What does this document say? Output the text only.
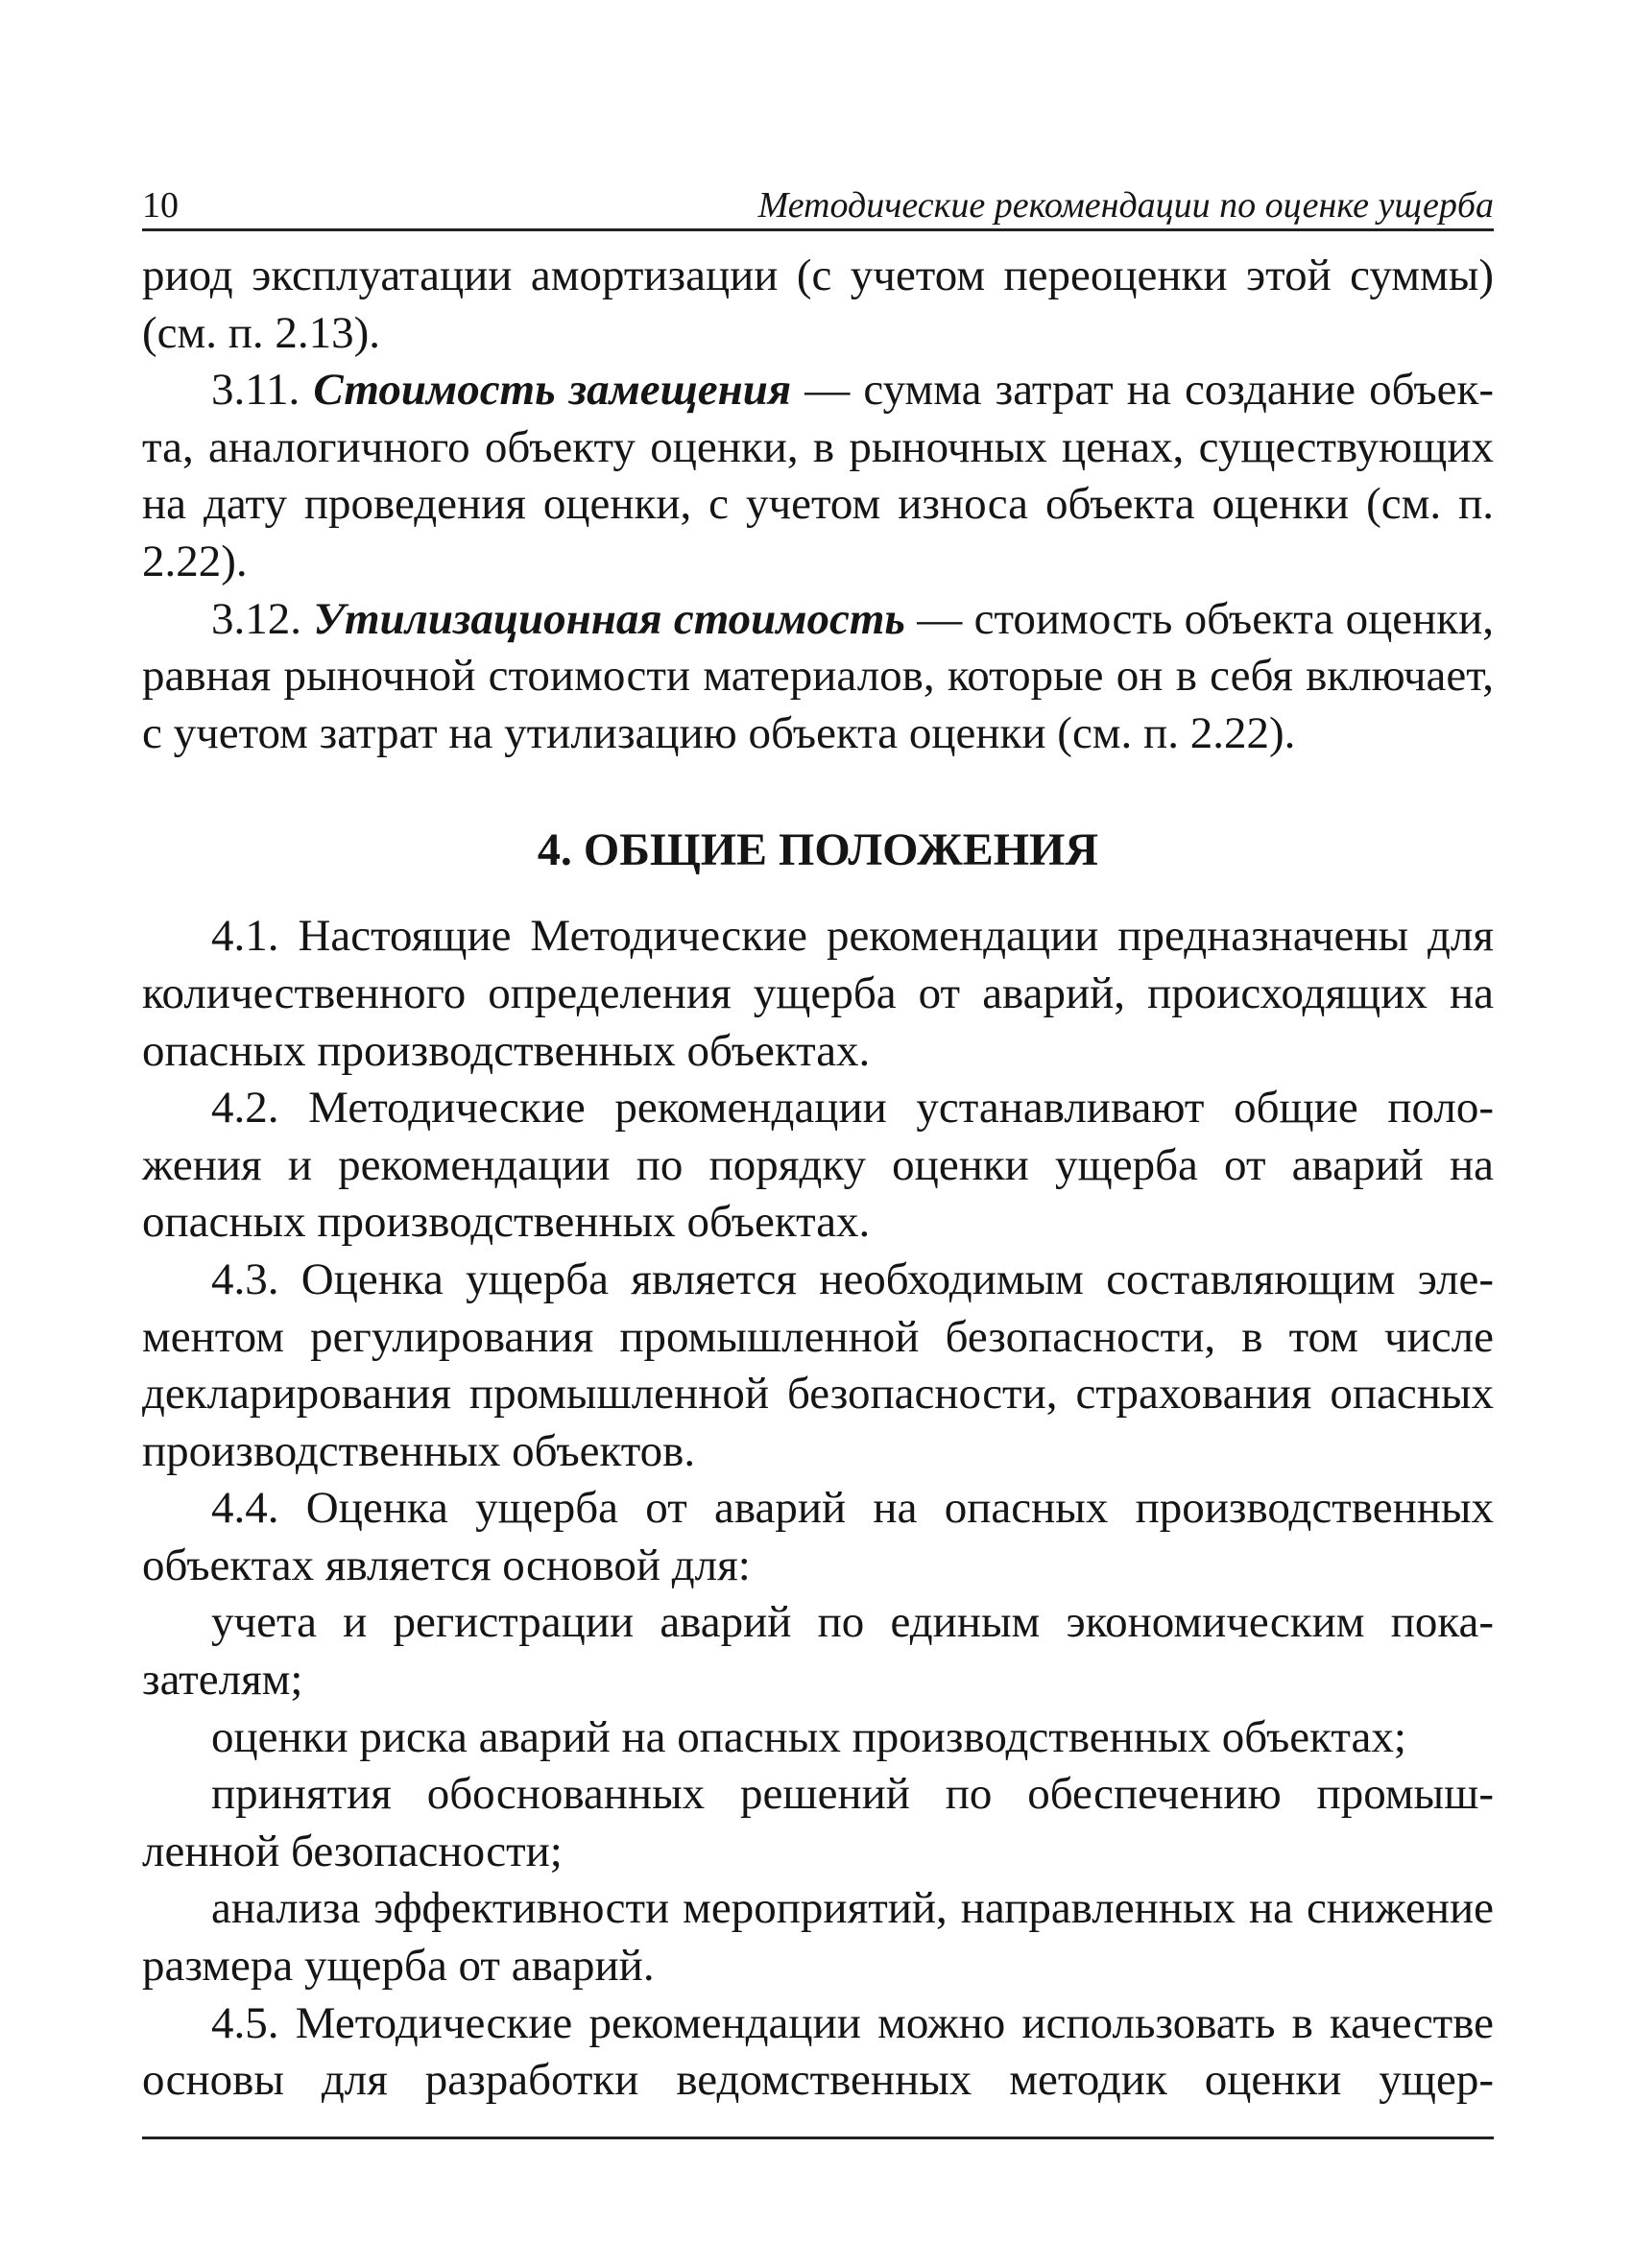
10	Методические рекомендации по оценке ущерба

риод эксплуатации амортизации (с учетом переоценки этой суммы) (см. п. 2.13).

3.11. Стоимость замещения — сумма затрат на создание объекта, аналогичного объекту оценки, в рыночных ценах, существующих на дату проведения оценки, с учетом износа объекта оценки (см. п. 2.22).

3.12. Утилизационная стоимость — стоимость объекта оценки, равная рыночной стоимости материалов, которые он в себя включает, с учетом затрат на утилизацию объекта оценки (см. п. 2.22).

4. ОБЩИЕ ПОЛОЖЕНИЯ

4.1. Настоящие Методические рекомендации предназначены для количественного определения ущерба от аварий, происходящих на опасных производственных объектах.

4.2. Методические рекомендации устанавливают общие положения и рекомендации по порядку оценки ущерба от аварий на опасных производственных объектах.

4.3. Оценка ущерба является необходимым составляющим элементом регулирования промышленной безопасности, в том числе декларирования промышленной безопасности, страхования опасных производственных объектов.

4.4. Оценка ущерба от аварий на опасных производственных объектах является основой для:

учета и регистрации аварий по единым экономическим показателям;

оценки риска аварий на опасных производственных объектах;

принятия обоснованных решений по обеспечению промышленной безопасности;

анализа эффективности мероприятий, направленных на снижение размера ущерба от аварий.

4.5. Методические рекомендации можно использовать в качестве основы для разработки ведомственных методик оценки ущер-
